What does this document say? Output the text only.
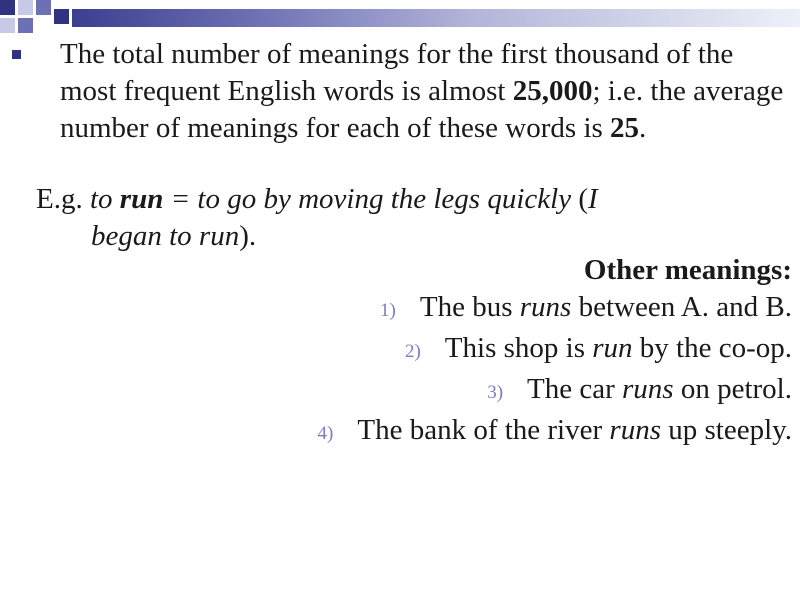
The total number of meanings for the first thousand of the most frequent English words is almost 25,000; i.e. the average number of meanings for each of these words is 25.

E.g. to run = to go by moving the legs quickly (I
began to run).

Other meanings:
1) The bus runs between A. and B.
2) This shop is run by the co-op.
3) The car runs on petrol.
4) The bank of the river runs up steeply.
